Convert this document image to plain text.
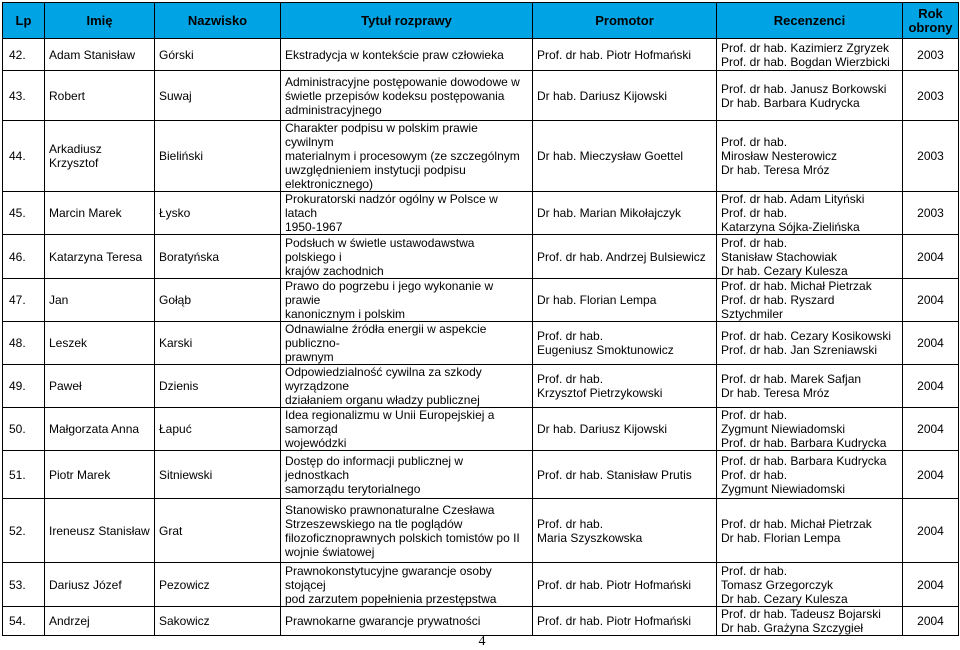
Lp	Imię	Nazwisko	Tytuł rozprawy	Promotor	Recenzenci	Rok
obrony

42.	Adam Stanisław	Górski	Ekstradycja w kontekście praw człowieka	Prof. dr hab. Piotr Hofmański	Prof. dr hab. Kazimierz Zgryzek
Prof. dr hab. Bogdan Wierzbicki	2003
43.	Robert	Suwaj	Administracyjne postępowanie dowodowe w
świetle przepisów kodeksu postępowania
administracyjnego	Dr hab. Dariusz Kijowski	Prof. dr hab. Janusz Borkowski
Dr hab. Barbara Kudrycka	2003
44.	Arkadiusz Krzysztof	Bieliński	Charakter podpisu w polskim prawie cywilnym
materialnym i procesowym (ze szczególnym
uwzględnieniem instytucji podpisu
elektronicznego)	Dr hab. Mieczysław Goettel	Prof. dr hab.
Mirosław Nesterowicz
Dr hab. Teresa Mróz	2003
45.	Marcin Marek	Łysko	Prokuratorski nadzór ogólny w Polsce w latach
1950-1967	Dr hab. Marian Mikołajczyk	Prof. dr hab. Adam Lityński
Prof. dr hab.
Katarzyna Sójka-Zielińska	2003
46.	Katarzyna Teresa	Boratyńska	Podsłuch w świetle ustawodawstwa polskiego i
krajów zachodnich	Prof. dr hab. Andrzej Bulsiewicz	Prof. dr hab.
Stanisław Stachowiak
Dr hab. Cezary Kulesza	2004
47.	Jan	Gołąb	Prawo do pogrzebu i jego wykonanie w prawie
kanonicznym i polskim	Dr hab. Florian Lempa	Prof. dr hab. Michał Pietrzak
Prof. dr hab. Ryszard Sztychmiler	2004
48.	Leszek	Karski	Odnawialne źródła energii w aspekcie publiczno-
prawnym	Prof. dr hab.
Eugeniusz Smoktunowicz	Prof. dr hab. Cezary Kosikowski
Prof. dr hab. Jan Szreniawski	2004
49.	Paweł	Dzienis	Odpowiedzialność cywilna za szkody wyrządzone
działaniem organu władzy publicznej	Prof. dr hab.
Krzysztof Pietrzykowski	Prof. dr hab. Marek Safjan
Dr hab. Teresa Mróz	2004
50.	Małgorzata Anna	Łapuć	Idea regionalizmu w Unii Europejskiej a samorząd
wojewódzki	Dr hab. Dariusz Kijowski	Prof. dr hab.
Zygmunt Niewiadomski
Prof. dr hab. Barbara Kudrycka	2004
51.	Piotr Marek	Sitniewski	Dostęp do informacji publicznej w jednostkach
samorządu terytorialnego	Prof. dr hab. Stanisław Prutis	Prof. dr hab. Barbara Kudrycka
Prof. dr hab.
Zygmunt Niewiadomski	2004
52.	Ireneusz Stanisław	Grat	Stanowisko prawnonaturalne Czesława
Strzeszewskiego na tle poglądów
filozoficznoprawnych polskich tomistów po II
wojnie światowej	Prof. dr hab.
Maria Szyszkowska	Prof. dr hab. Michał Pietrzak
Dr hab. Florian Lempa	2004
53.	Dariusz Józef	Pezowicz	Prawnokonstytucyjne gwarancje osoby stojącej
pod zarzutem popełnienia przestępstwa	Prof. dr hab. Piotr Hofmański	Prof. dr hab.
Tomasz Grzegorczyk
Dr hab. Cezary Kulesza	2004
54.	Andrzej	Sakowicz	Prawnokarne gwarancje prywatności	Prof. dr hab. Piotr Hofmański	Prof. dr hab. Tadeusz Bojarski
Dr hab. Grażyna Szczygieł	2004
4
